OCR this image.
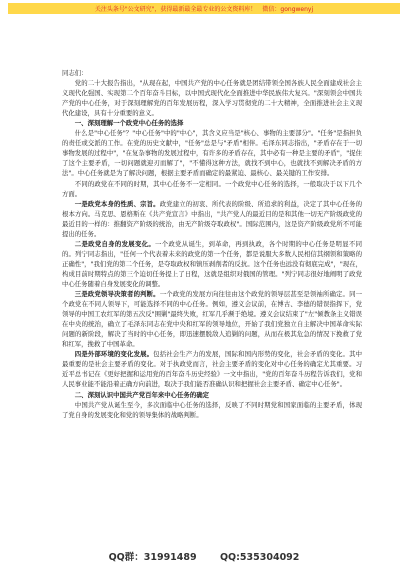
关注头条号"公文研究"，获得最新最全最专业的公文资料库！ 微信：gongwenyj

同志们：

党的二十大报告指出，"从现在起，中国共产党的中心任务就是团结带领全国各族人民全面建成社会主义现代化强国、实现第二个百年奋斗目标，以中国式现代化全面推进中华民族伟大复兴。"深刻领会中国共产党的中心任务，对于深刻理解党的百年发展历程，深入学习贯彻党的二十大精神，全面推进社会主义现代化建设，具有十分重要的意义。

一、深刻理解一个政党中心任务的选择

什么是"中心任务"？"中心任务"中的"中心"，其含义应当是"核心、事物的主要部分"。"任务"是指担负的责任或交派的工作。在党的历史文献中，"任务"总是与"矛盾"相伴。毛泽东同志指出，"矛盾存在于一切事物发展的过程中"，"在复杂事物的发展过程中，有许多的矛盾存在，其中必有一种是主要的矛盾"，"捉住了这个主要矛盾，一切问题就迎刃而解了"，"不懂得这种方法，就找不到中心，也就找不到解决矛盾的方法"。中心任务就是为了解决问题，根据主要矛盾而确定的最紧迫、最核心、最关键的工作安排。

不同的政党在不同的时期，其中心任务不一定相同。一个政党中心任务的选择，一般取决于以下几个方面。

一是政党本身的性质、宗旨。政党建立的初衷、所代表的阶级、所追求的利益，决定了其中心任务的根本方向。马克思、恩格斯在《共产党宣言》中指出，"共产党人的最近目的是和其他一切无产阶级政党的最近目的一样的：推翻资产阶级的统治，由无产阶级夺取政权"。国际范围内，这是资产阶级政党所不可能提出的任务。

二是政党自身的发展变化。一个政党从诞生，到革命，再到执政，各个时期的中心任务是明显不同的。列宁同志指出，"任何一个代表着未来的政党的第一个任务，都是说服大多数人民相信其纲领和策略的正确性"，"我们党的第二个任务，是夺取政权和镇压剥削者的反抗。这个任务也远没有彻底完成"，"现在，构成目前时期特点的第三个迫切任务提上了日程，这就是组织对俄国的管理。"列宁同志很好地阐明了政党中心任务随着自身发展变化的调整。

三是政党领导决策者的判断。一个政党的发展方向往往由这个政党的领导层甚至是领袖所确定。同一个政党在不同人领导下，可能选择不同的中心任务。例如，遵义会议前，在博古、李德的错误指挥下，党领导的中国工农红军的第五次反"围剿"最终失败，红军几乎濒于绝境。遵义会议结束了"左"倾教条主义错误在中央的统治，确立了毛泽东同志在党中央和红军的领导地位，开始了我们党独立自主解决中国革命实际问题的新阶段，解决了当时的中心任务，即迅速摆脱敌人追剿的问题，从而在极其危急的情况下挽救了党和红军，挽救了中国革命。

四是外部环境的变化发展。包括社会生产力的发展，国际和国内形势的变化，社会矛盾的变化。其中最重要的是社会主要矛盾的变化。对于执政党而言，社会主要矛盾的变化对中心任务的确定尤其重要。习近平总书记在《更好把握和运用党的百年奋斗历史经验》一文中指出，"党的百年奋斗历程告诉我们，党和人民事业能不能沿着正确方向前进，取决于我们能否准确认识和把握社会主要矛盾、确定中心任务"。

二、深刻认识中国共产党百年来中心任务的确定

中国共产党从诞生至今，多次面临中心任务的选择，反映了不同时期党和国家面临的主要矛盾，体现了党自身的发展变化和党的领导集体的战略判断。

QQ群：31991489 QQ:535304092
